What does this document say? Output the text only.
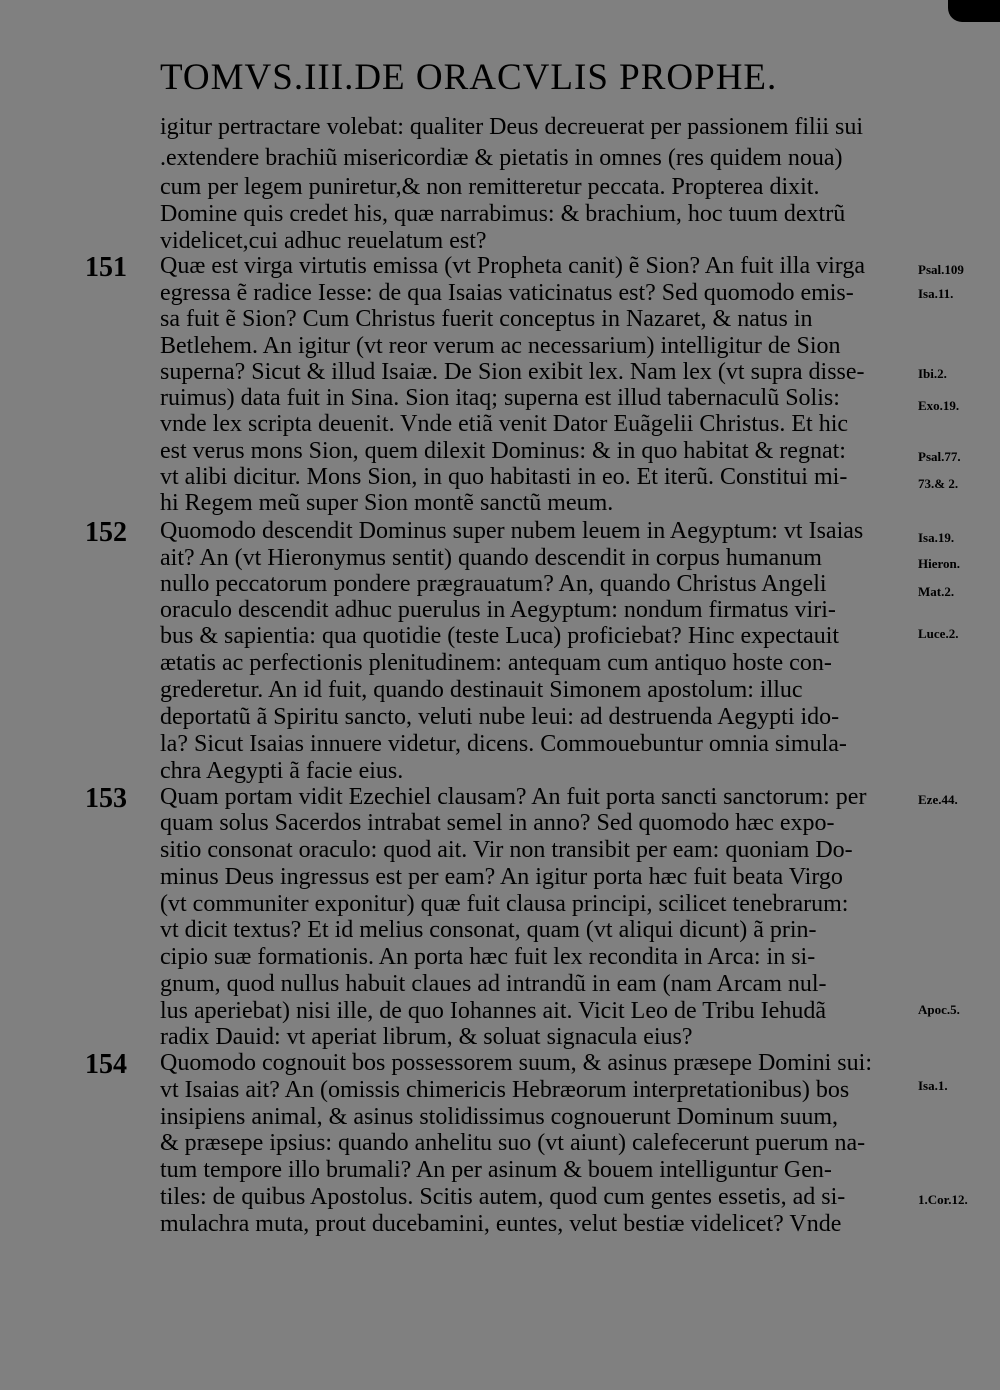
TOMVS.III.DE ORACVLIS PROPHE.
igitur pertractare volebat: qualiter Deus decreuerat per passionem filii sui
.extendere brachiũ misericordiæ & pietatis in omnes (res quidem noua)
cum per legem puniretur,& non remitteretur peccata. Propterea dixit.
Domine quis credet his, quæ narrabimus: & brachium, hoc tuum dextrũ
videlicet,cui adhuc reuelatum est?
Quæ est virga virtutis emissa (vt Propheta canit) ẽ Sion? An fuit illa virga
egressa ẽ radice Iesse: de qua Isaias vaticinatus est? Sed quomodo emis-
sa fuit ẽ Sion? Cum Christus fuerit conceptus in Nazaret, & natus in
Betlehem. An igitur (vt reor verum ac necessarium) intelligitur de Sion
superna? Sicut & illud Isaiæ. De Sion exibit lex. Nam lex (vt supra disse-
ruimus) data fuit in Sina. Sion itaq; superna est illud tabernaculũ Solis:
vnde lex scripta deuenit. Vnde etiã venit Dator Euãgelii Christus. Et hic
est verus mons Sion, quem dilexit Dominus: & in quo habitat & regnat:
vt alibi dicitur. Mons Sion, in quo habitasti in eo. Et iterũ. Constitui mi-
hi Regem meũ super Sion montẽ sanctũ meum.
Quomodo descendit Dominus super nubem leuem in Aegyptum: vt Isaias
ait? An (vt Hieronymus sentit) quando descendit in corpus humanum
nullo peccatorum pondere prægrauatum? An, quando Christus Angeli
oraculo descendit adhuc puerulus in Aegyptum: nondum firmatus viri-
bus & sapientia: qua quotidie (teste Luca) proficiebat? Hinc expectauit
ætatis ac perfectionis plenitudinem: antequam cum antiquo hoste con-
grederetur. An id fuit, quando destinauit Simonem apostolum: illuc
deportatũ ã Spiritu sancto, veluti nube leui: ad destruenda Aegypti ido-
la? Sicut Isaias innuere videtur, dicens. Commouebuntur omnia simula-
chra Aegypti ã facie eius.
Quam portam vidit Ezechiel clausam? An fuit porta sancti sanctorum: per
quam solus Sacerdos intrabat semel in anno? Sed quomodo hæc expo-
sitio consonat oraculo: quod ait. Vir non transibit per eam: quoniam Do-
minus Deus ingressus est per eam? An igitur porta hæc fuit beata Virgo
(vt communiter exponitur) quæ fuit clausa principi, scilicet tenebrarum:
vt dicit textus? Et id melius consonat, quam (vt aliqui dicunt) ã prin-
cipio suæ formationis. An porta hæc fuit lex recondita in Arca: in si-
gnum, quod nullus habuit claues ad intrandũ in eam (nam Arcam nul-
lus aperiebat) nisi ille, de quo Iohannes ait. Vicit Leo de Tribu Iehudã
radix Dauid: vt aperiat librum, & soluat signacula eius?
Quomodo cognouit bos possessorem suum, & asinus præsepe Domini sui:
vt Isaias ait? An (omissis chimericis Hebræorum interpretationibus) bos
insipiens animal, & asinus stolidissimus cognouerunt Dominum suum,
& præsepe ipsius: quando anhelitu suo (vt aiunt) calefecerunt puerum na-
tum tempore illo brumali? An per asinum & bouem intelliguntur Gen-
tiles: de quibus Apostolus. Scitis autem, quod cum gentes essetis, ad si-
mulachra muta, prout ducebamini, euntes, velut bestiæ videlicet? Vnde
151
152
153
154
Psal.109
Isa.11.
Ibi.2.
Exo.19.
Psal.77.
73.& 2.
Isa.19.
Hieron.
Mat.2.
Luce.2.
Eze.44.
Apoc.5.
Isa.1.
1.Cor.12.
